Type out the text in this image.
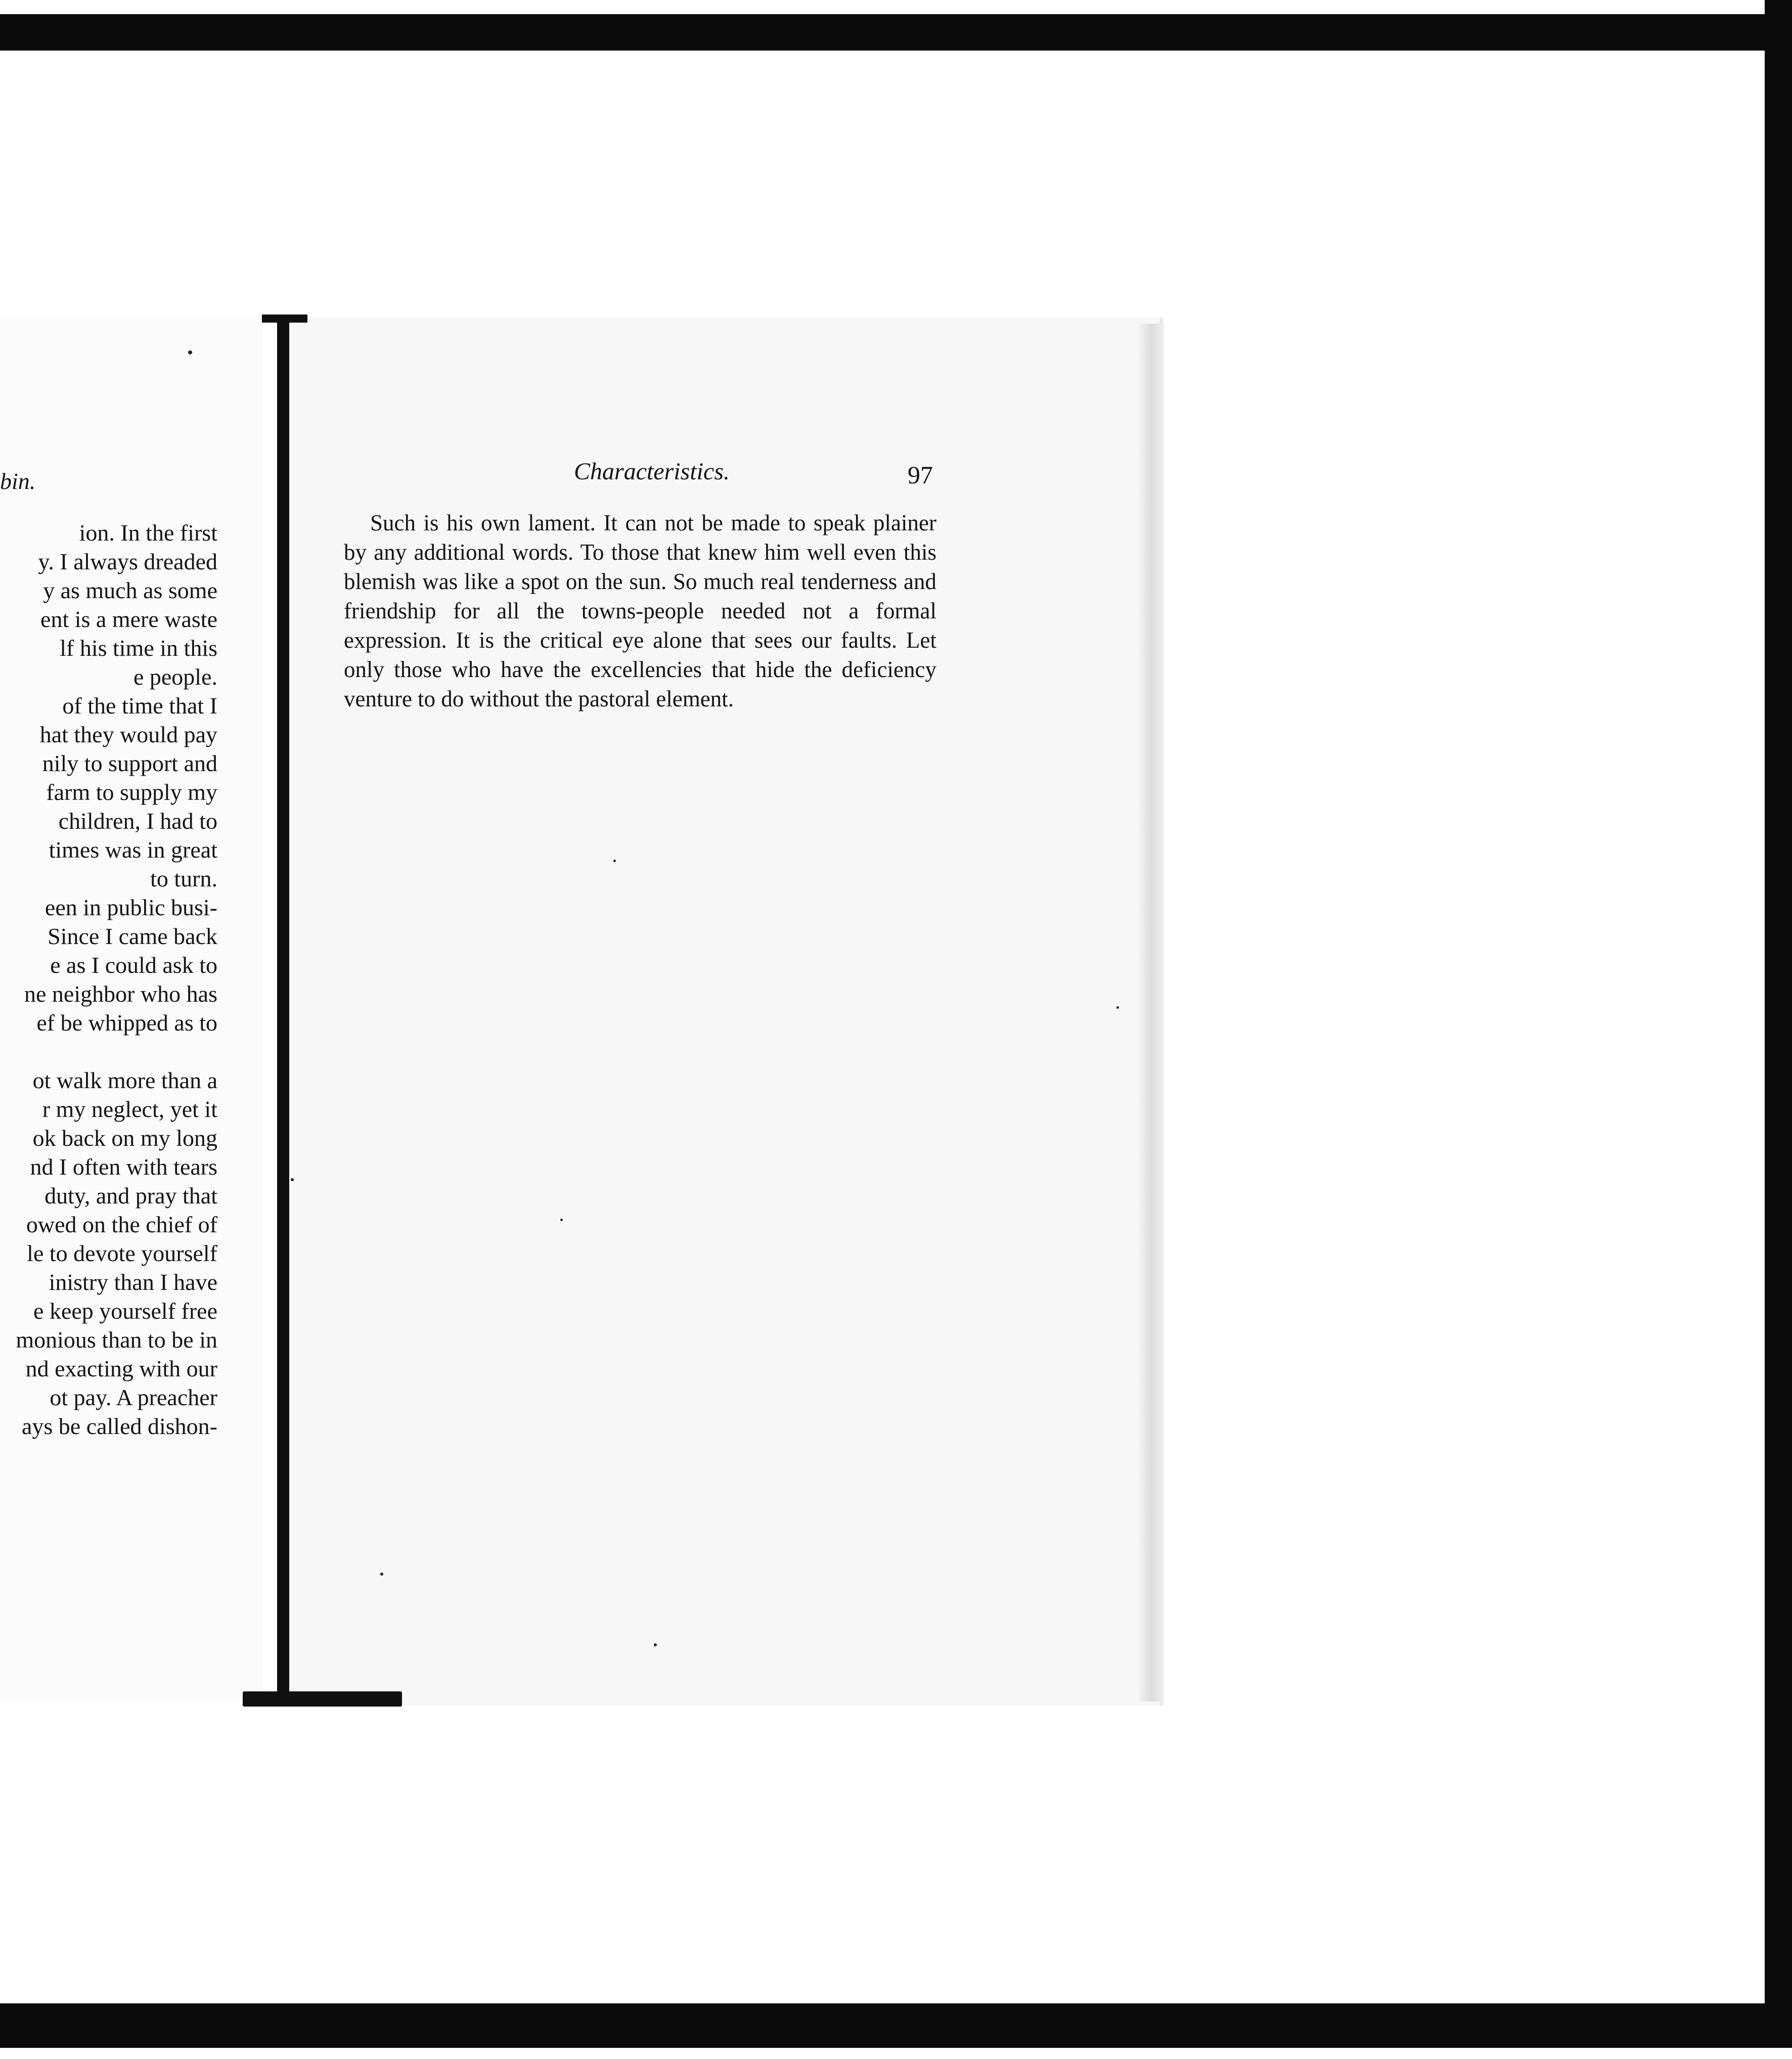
bin.
ion. In the first
y. I always dreaded
y as much as some
ent is a mere waste
lf his time in this
e people.
of the time that I
hat they would pay
nily to support and
farm to supply my
children, I had to
times was in great
to turn.
een in public busi-
Since I came back
e as I could ask to
ne neighbor who has
ef be whipped as to
ot walk more than a
r my neglect, yet it
ok back on my long
nd I often with tears
duty, and pray that
owed on the chief of
le to devote yourself
inistry than I have
e keep yourself free
monious than to be in
nd exacting with our
ot pay. A preacher
ays be called dishon-
Characteristics.	97

Such is his own lament. It can not be made to speak plainer by any additional words. To those that knew him well even this blemish was like a spot on the sun. So much real tenderness and friendship for all the towns-people needed not a formal expression. It is the critical eye alone that sees our faults. Let only those who have the excellencies that hide the deficiency venture to do without the pastoral element.
